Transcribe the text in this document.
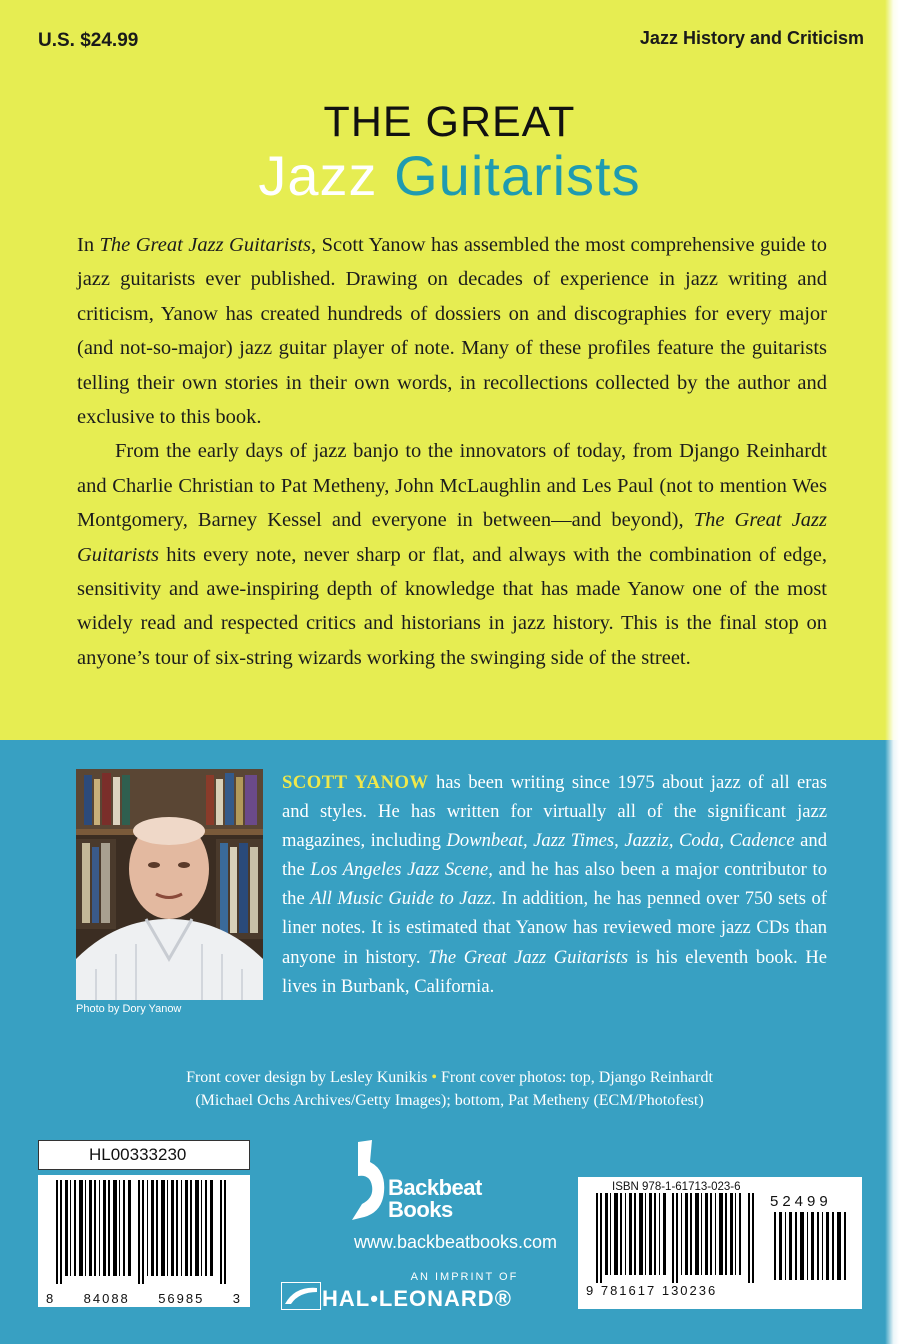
U.S. $24.99	Jazz History and Criticism
THE GREAT
Jazz Guitarists

In The Great Jazz Guitarists, Scott Yanow has assembled the most comprehensive guide to jazz guitarists ever published. Drawing on decades of experience in jazz writing and criticism, Yanow has created hundreds of dossiers on and discographies for every major (and not-so-major) jazz guitar player of note. Many of these profiles feature the guitarists telling their own stories in their own words, in recollections collected by the author and exclusive to this book.

From the early days of jazz banjo to the innovators of today, from Django Reinhardt and Charlie Christian to Pat Metheny, John McLaughlin and Les Paul (not to mention Wes Montgomery, Barney Kessel and everyone in between—and beyond), The Great Jazz Guitarists hits every note, never sharp or flat, and always with the combination of edge, sensitivity and awe-inspiring depth of knowledge that has made Yanow one of the most widely read and respected critics and historians in jazz history. This is the final stop on anyone’s tour of six-string wizards working the swinging side of the street.

Photo by Dory Yanow
SCOTT YANOW has been writing since 1975 about jazz of all eras and styles. He has written for virtually all of the significant jazz magazines, including Downbeat, Jazz Times, Jazziz, Coda, Cadence and the Los Angeles Jazz Scene, and he has also been a major contributor to the All Music Guide to Jazz. In addition, he has penned over 750 sets of liner notes. It is estimated that Yanow has reviewed more jazz CDs than anyone in history. The Great Jazz Guitarists is his eleventh book. He lives in Burbank, California.
Front cover design by Lesley Kunikis • Front cover photos: top, Django Reinhardt
(Michael Ochs Archives/Getty Images); bottom, Pat Metheny (ECM/Photofest)
HL00333230
8 84088 56985 3
Backbeat
Books
www.backbeatbooks.com
AN IMPRINT OF
HAL•LEONARD®
ISBN 978-1-61713-023-6
52499
9 781617 130236
